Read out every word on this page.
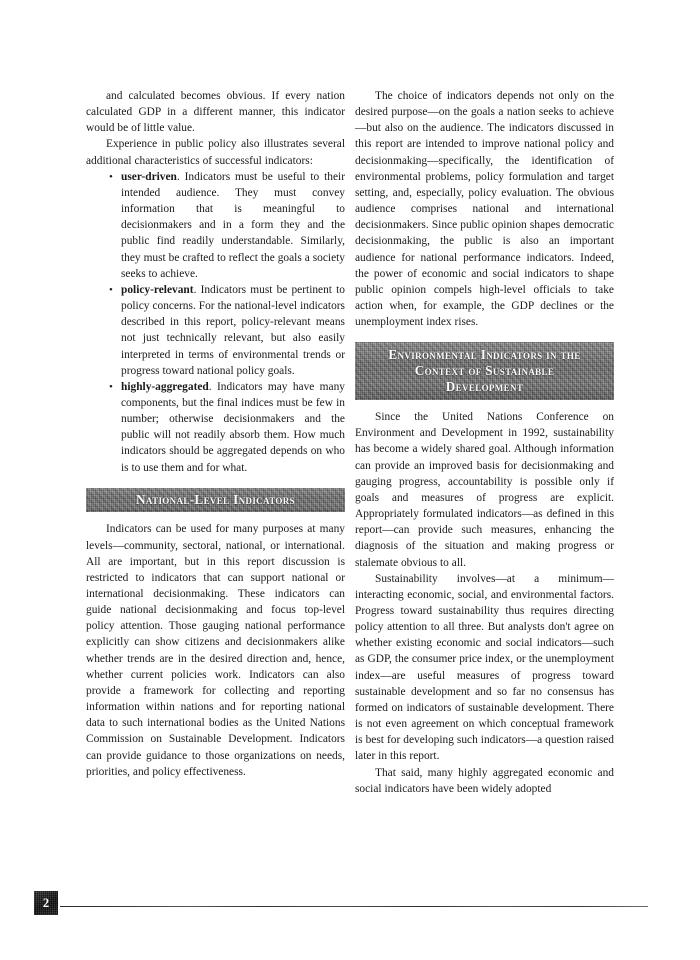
and calculated becomes obvious. If every nation calculated GDP in a different manner, this indicator would be of little value.

Experience in public policy also illustrates several additional characteristics of successful indicators:

• user-driven. Indicators must be useful to their intended audience. They must convey information that is meaningful to decisionmakers and in a form they and the public find readily understandable. Similarly, they must be crafted to reflect the goals a society seeks to achieve.
• policy-relevant. Indicators must be pertinent to policy concerns. For the national-level indicators described in this report, policy-relevant means not just technically relevant, but also easily interpreted in terms of environmental trends or progress toward national policy goals.
• highly-aggregated. Indicators may have many components, but the final indices must be few in number; otherwise decisionmakers and the public will not readily absorb them. How much indicators should be aggregated depends on who is to use them and for what.
National-Level Indicators

Indicators can be used for many purposes at many levels—community, sectoral, national, or international. All are important, but in this report discussion is restricted to indicators that can support national or international decisionmaking. These indicators can guide national decisionmaking and focus top-level policy attention. Those gauging national performance explicitly can show citizens and decisionmakers alike whether trends are in the desired direction and, hence, whether current policies work. Indicators can also provide a framework for collecting and reporting information within nations and for reporting national data to such international bodies as the United Nations Commission on Sustainable Development. Indicators can provide guidance to those organizations on needs, priorities, and policy effectiveness.

The choice of indicators depends not only on the desired purpose—on the goals a nation seeks to achieve—but also on the audience. The indicators discussed in this report are intended to improve national policy and decisionmaking—specifically, the identification of environmental problems, policy formulation and target setting, and, especially, policy evaluation. The obvious audience comprises national and international decisionmakers. Since public opinion shapes democratic decisionmaking, the public is also an important audience for national performance indicators. Indeed, the power of economic and social indicators to shape public opinion compels high-level officials to take action when, for example, the GDP declines or the unemployment index rises.

Environmental Indicators in the
Context of Sustainable
Development

Since the United Nations Conference on Environment and Development in 1992, sustainability has become a widely shared goal. Although information can provide an improved basis for decisionmaking and gauging progress, accountability is possible only if goals and measures of progress are explicit. Appropriately formulated indicators—as defined in this report—can provide such measures, enhancing the diagnosis of the situation and making progress or stalemate obvious to all.

Sustainability involves—at a minimum—interacting economic, social, and environmental factors. Progress toward sustainability thus requires directing policy attention to all three. But analysts don't agree on whether existing economic and social indicators—such as GDP, the consumer price index, or the unemployment index—are useful measures of progress toward sustainable development and so far no consensus has formed on indicators of sustainable development. There is not even agreement on which conceptual framework is best for developing such indicators—a question raised later in this report.

That said, many highly aggregated economic and social indicators have been widely adopted

2
